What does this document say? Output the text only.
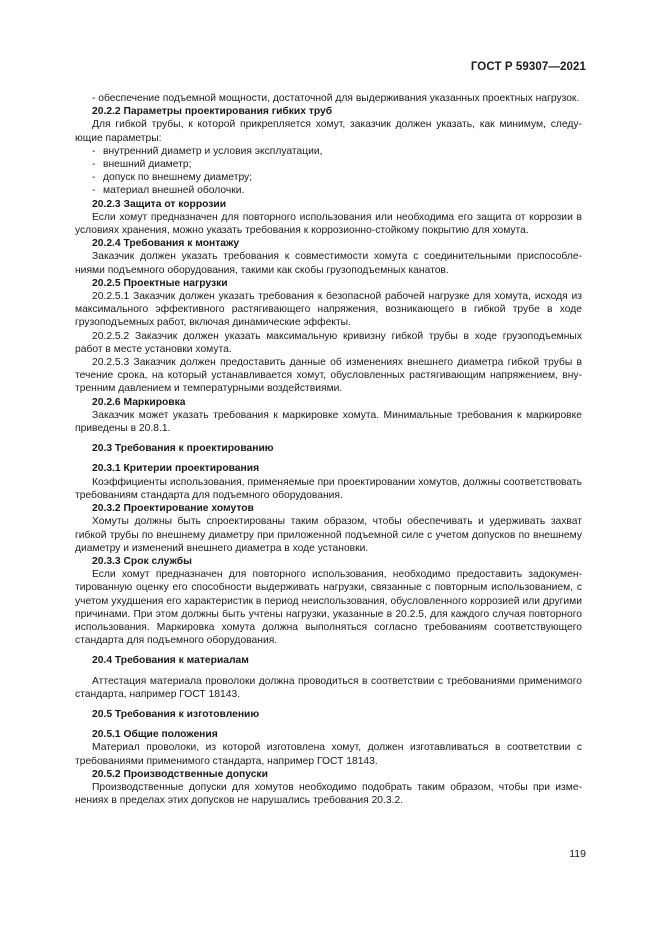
ГОСТ Р 59307—2021

- обеспечение подъемной мощности, достаточной для выдерживания указанных проектных нагрузок.

20.2.2 Параметры проектирования гибких труб

Для гибкой трубы, к которой прикрепляется хомут, заказчик должен указать, как минимум, следующие параметры:

- внутренний диаметр и условия эксплуатации,

- внешний диаметр;

- допуск по внешнему диаметру;

- материал внешней оболочки.

20.2.3 Защита от коррозии

Если хомут предназначен для повторного использования или необходима его защита от коррозии в условиях хранения, можно указать требования к коррозионно-стойкому покрытию для хомута.

20.2.4 Требования к монтажу

Заказчик должен указать требования к совместимости хомута с соединительными приспособлениями подъемного оборудования, такими как скобы грузоподъемных канатов.

20.2.5 Проектные нагрузки

20.2.5.1 Заказчик должен указать требования к безопасной рабочей нагрузке для хомута, исходя из максимального эффективного растягивающего напряжения, возникающего в гибкой трубе в ходе грузоподъемных работ, включая динамические эффекты.

20.2.5.2 Заказчик должен указать максимальную кривизну гибкой трубы в ходе грузоподъемных работ в месте установки хомута.

20.2.5.3 Заказчик должен предоставить данные об изменениях внешнего диаметра гибкой трубы в течение срока, на который устанавливается хомут, обусловленных растягивающим напряжением, внутренним давлением и температурными воздействиями.

20.2.6 Маркировка

Заказчик может указать требования к маркировке хомута. Минимальные требования к маркировке приведены в 20.8.1.

20.3 Требования к проектированию

20.3.1 Критерии проектирования

Коэффициенты использования, применяемые при проектировании хомутов, должны соответствовать требованиям стандарта для подъемного оборудования.

20.3.2 Проектирование хомутов

Хомуты должны быть спроектированы таким образом, чтобы обеспечивать и удерживать захват гибкой трубы по внешнему диаметру при приложенной подъемной силе с учетом допусков по внешнему диаметру и изменений внешнего диаметра в ходе установки.

20.3.3 Срок службы

Если хомут предназначен для повторного использования, необходимо предоставить задокументированную оценку его способности выдерживать нагрузки, связанные с повторным использованием, с учетом ухудшения его характеристик в период неиспользования, обусловленного коррозией или другими причинами. При этом должны быть учтены нагрузки, указанные в 20.2.5, для каждого случая повторного использования. Маркировка хомута должна выполняться согласно требованиям соответствующего стандарта для подъемного оборудования.

20.4 Требования к материалам

Аттестация материала проволоки должна проводиться в соответствии с требованиями применимого стандарта, например ГОСТ 18143.

20.5 Требования к изготовлению

20.5.1 Общие положения

Материал проволоки, из которой изготовлена хомут, должен изготавливаться в соответствии с требованиями применимого стандарта, например ГОСТ 18143.

20.5.2 Производственные допуски

Производственные допуски для хомутов необходимо подобрать таким образом, чтобы при изменениях в пределах этих допусков не нарушались требования 20.3.2.

119
